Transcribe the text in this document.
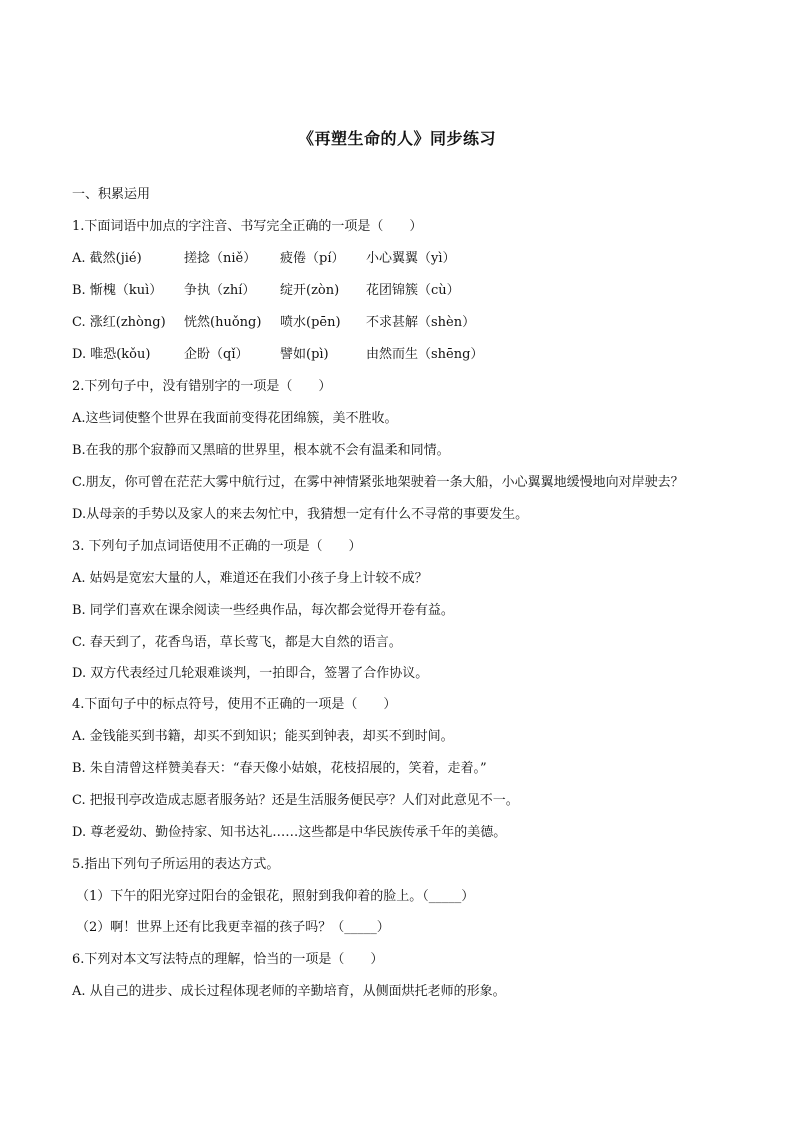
《再塑生命的人》同步练习
一、积累运用
1.下面词语中加点的字注音、书写完全正确的一项是（　　）
A. 截然(jié)	搓捻（niě） 疲倦（pí） 小心翼翼（yì）
B. 惭槐（kuì） 争执（zhí） 绽开(zòn) 花团锦簇（cù）
C. 涨红(zhòng) 恍然(huǒng) 喷水(pēn) 不求甚解（shèn）
D. 唯恐(kǒu)	企盼（qǐ） 譬如(pì)	由然而生（shēng）
2.下列句子中，没有错别字的一项是（　　）
A.这些词使整个世界在我面前变得花团绵簇，美不胜收。
B.在我的那个寂静而又黑暗的世界里，根本就不会有温柔和同情。
C.朋友，你可曾在茫茫大雾中航行过，在雾中神情紧张地架驶着一条大船，小心翼翼地缓慢地向对岸驶去？
D.从母亲的手势以及家人的来去匆忙中，我猜想一定有什么不寻常的事要发生。
3. 下列句子加点词语使用不正确的一项是（　　）
A. 姑妈是宽宏大量的人，难道还在我们小孩子身上计较不成？
B. 同学们喜欢在课余阅读一些经典作品，每次都会觉得开卷有益。
C. 春天到了，花香鸟语，草长莺飞，都是大自然的语言。
D. 双方代表经过几轮艰难谈判，一拍即合，签署了合作协议。
4.下面句子中的标点符号，使用不正确的一项是（　　）
A. 金钱能买到书籍，却买不到知识；能买到钟表，却买不到时间。
B. 朱自清曾这样赞美春天：“春天像小姑娘，花枝招展的，笑着，走着。”
C. 把报刊亭改造成志愿者服务站？还是生活服务便民亭？人们对此意见不一。
D. 尊老爱幼、勤俭持家、知书达礼……这些都是中华民族传承千年的美德。
5.指出下列句子所运用的表达方式。
（1）下午的阳光穿过阳台的金银花，照射到我仰着的脸上。（_____）
（2）啊！世界上还有比我更幸福的孩子吗？（_____）
6.下列对本文写法特点的理解，恰当的一项是（　　）
A. 从自己的进步、成长过程体现老师的辛勤培育，从侧面烘托老师的形象。
